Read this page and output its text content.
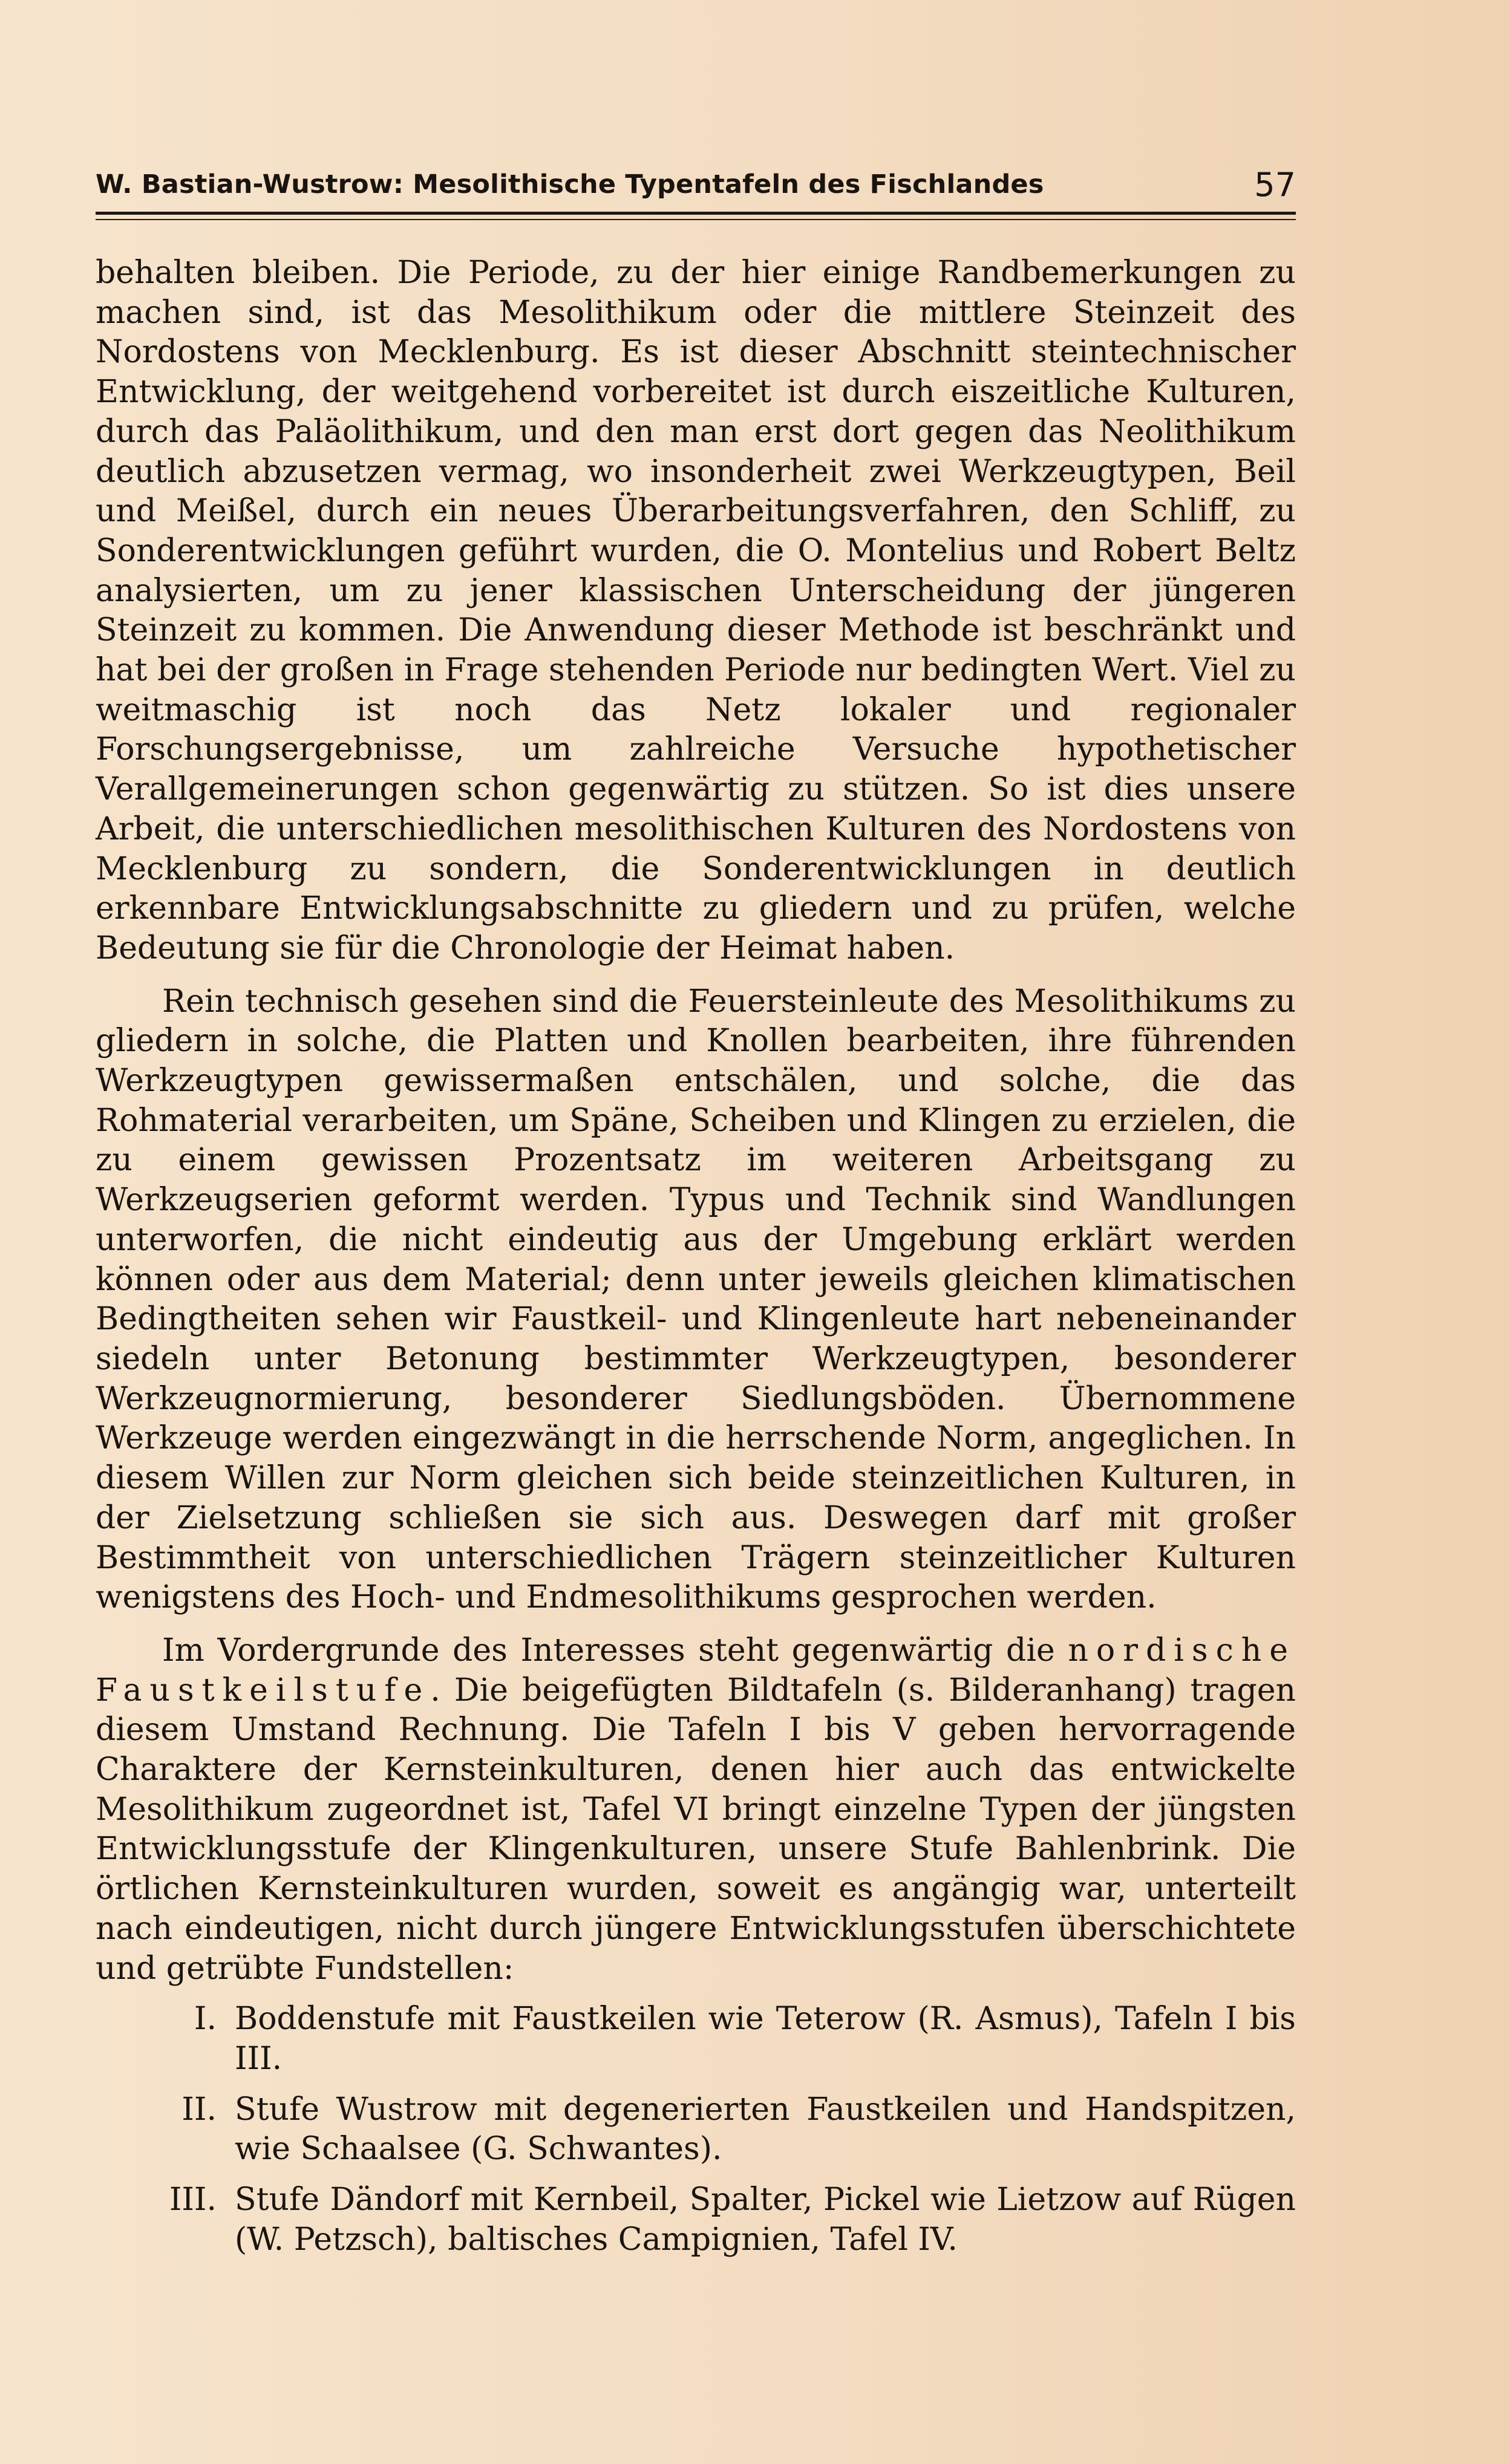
W. Bastian-Wustrow: Mesolithische Typentafeln des Fischlandes	57

behalten bleiben. Die Periode, zu der hier einige Randbemerkungen zu machen sind, ist das Mesolithikum oder die mittlere Steinzeit des Nordostens von Mecklenburg. Es ist dieser Abschnitt steintechnischer Entwicklung, der weitgehend vorbereitet ist durch eiszeitliche Kulturen, durch das Paläolithikum, und den man erst dort gegen das Neolithikum deutlich abzusetzen vermag, wo insonderheit zwei Werkzeugtypen, Beil und Meißel, durch ein neues Überarbeitungsverfahren, den Schliff, zu Sonderentwicklungen geführt wurden, die O. Montelius und Robert Beltz analysierten, um zu jener klassischen Unterscheidung der jüngeren Steinzeit zu kommen. Die Anwendung dieser Methode ist beschränkt und hat bei der großen in Frage stehenden Periode nur bedingten Wert. Viel zu weitmaschig ist noch das Netz lokaler und regionaler Forschungsergebnisse, um zahlreiche Versuche hypothetischer Verallgemeinerungen schon gegenwärtig zu stützen. So ist dies unsere Arbeit, die unterschiedlichen mesolithischen Kulturen des Nordostens von Mecklenburg zu sondern, die Sonderentwicklungen in deutlich erkennbare Entwicklungsabschnitte zu gliedern und zu prüfen, welche Bedeutung sie für die Chronologie der Heimat haben.

Rein technisch gesehen sind die Feuersteinleute des Mesolithikums zu gliedern in solche, die Platten und Knollen bearbeiten, ihre führenden Werkzeugtypen gewissermaßen entschälen, und solche, die das Rohmaterial verarbeiten, um Späne, Scheiben und Klingen zu erzielen, die zu einem gewissen Prozentsatz im weiteren Arbeitsgang zu Werkzeugserien geformt werden. Typus und Technik sind Wandlungen unterworfen, die nicht eindeutig aus der Umgebung erklärt werden können oder aus dem Material; denn unter jeweils gleichen klimatischen Bedingtheiten sehen wir Faustkeil- und Klingenleute hart nebeneinander siedeln unter Betonung bestimmter Werkzeugtypen, besonderer Werkzeugnormierung, besonderer Siedlungsböden. Übernommene Werkzeuge werden eingezwängt in die herrschende Norm, angeglichen. In diesem Willen zur Norm gleichen sich beide steinzeitlichen Kulturen, in der Zielsetzung schließen sie sich aus. Deswegen darf mit großer Bestimmtheit von unterschiedlichen Trägern steinzeitlicher Kulturen wenigstens des Hoch- und Endmesolithikums gesprochen werden.

Im Vordergrunde des Interesses steht gegenwärtig die nordische Faustkeilstufe. Die beigefügten Bildtafeln (s. Bilderanhang) tragen diesem Umstand Rechnung. Die Tafeln I bis V geben hervorragende Charaktere der Kernsteinkulturen, denen hier auch das entwickelte Mesolithikum zugeordnet ist, Tafel VI bringt einzelne Typen der jüngsten Entwicklungsstufe der Klingenkulturen, unsere Stufe Bahlenbrink. Die örtlichen Kernsteinkulturen wurden, soweit es angängig war, unterteilt nach eindeutigen, nicht durch jüngere Entwicklungsstufen überschichtete und getrübte Fundstellen:

I. Boddenstufe mit Faustkeilen wie Teterow (R. Asmus), Tafeln I bis III.
II. Stufe Wustrow mit degenerierten Faustkeilen und Handspitzen, wie Schaalsee (G. Schwantes).
III. Stufe Dändorf mit Kernbeil, Spalter, Pickel wie Lietzow auf Rügen (W. Petzsch), baltisches Campignien, Tafel IV.
